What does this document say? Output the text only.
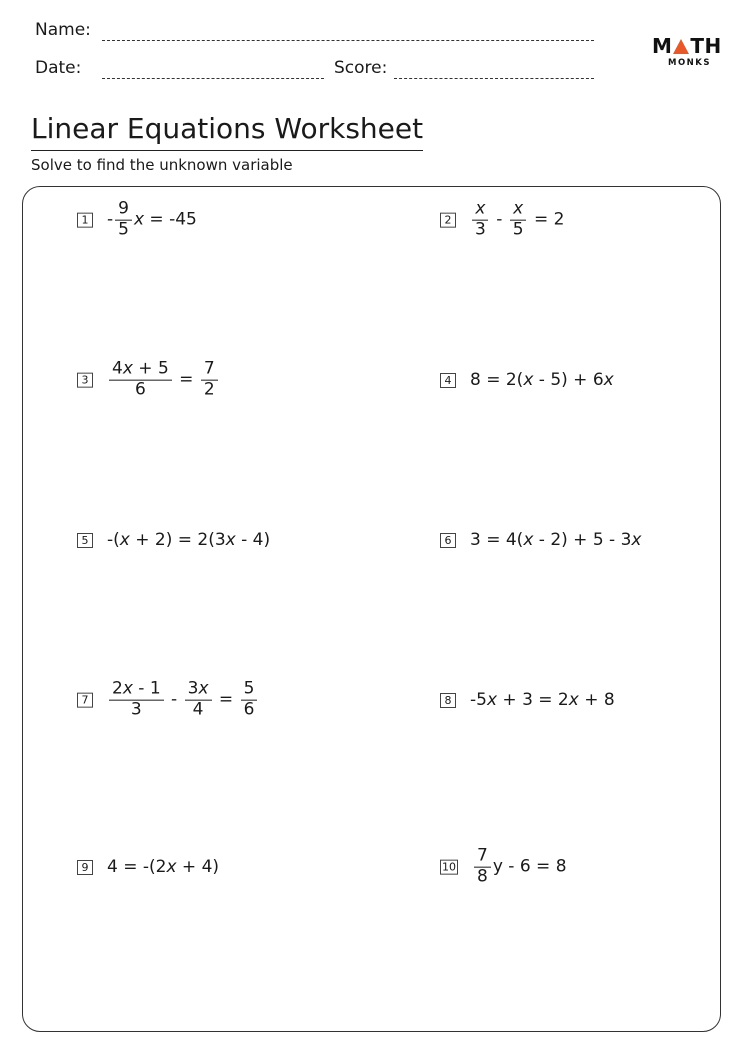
Name:
Date:	Score:
M TH
MONKS
Linear Equations Worksheet
Solve to find the unknown variable
$1 - \frac{9}{5}$ x = -45	$2 \frac{x}{3} - \frac{x}{5} = 2$
$3 \frac{4x + 5}{6} = \frac{7}{2}$	4 8 = 2( x - 5) + 6 x
5 -( x + 2) = 2(3 x - 4)	6 3 = 4( x - 2) + 5 - 3 x
$7 \frac{2x - 1}{3} - \frac{3x}{4} = \frac{5}{6}$	8 -5 x + 3 = 2 x + 8
9 4 = -(2 x + 4)	$10 \frac{7}{8}$ y - 6 = 8
